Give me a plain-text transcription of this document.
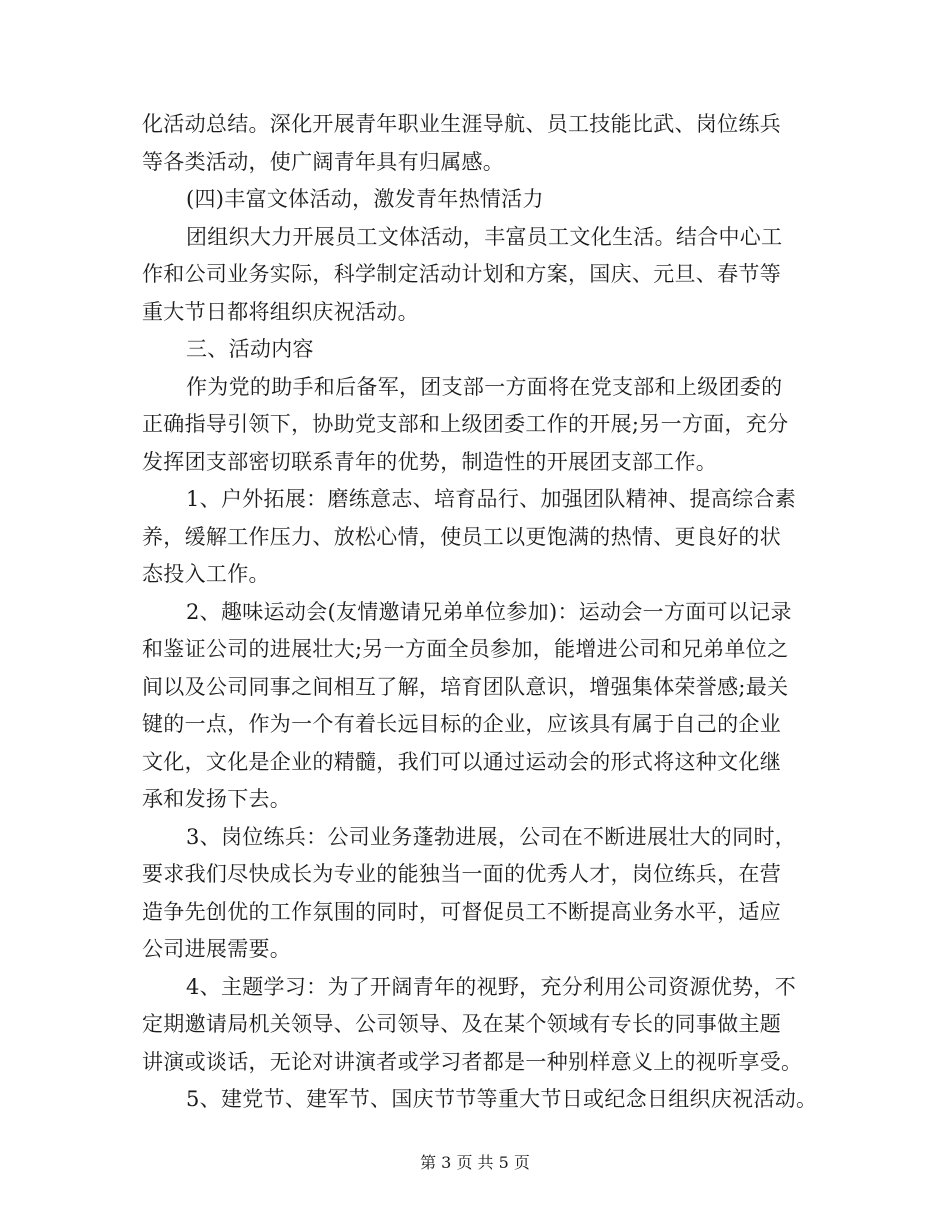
化活动总结。深化开展青年职业生涯导航、员工技能比武、岗位练兵
等各类活动，使广阔青年具有归属感。
(四)丰富文体活动，激发青年热情活力
团组织大力开展员工文体活动，丰富员工文化生活。结合中心工
作和公司业务实际，科学制定活动计划和方案，国庆、元旦、春节等
重大节日都将组织庆祝活动。
三、活动内容
作为党的助手和后备军，团支部一方面将在党支部和上级团委的
正确指导引领下，协助党支部和上级团委工作的开展;另一方面，充分
发挥团支部密切联系青年的优势，制造性的开展团支部工作。
1、户外拓展：磨练意志、培育品行、加强团队精神、提高综合素
养，缓解工作压力、放松心情，使员工以更饱满的热情、更良好的状
态投入工作。
2、趣味运动会(友情邀请兄弟单位参加)：运动会一方面可以记录
和鉴证公司的进展壮大;另一方面全员参加，能增进公司和兄弟单位之
间以及公司同事之间相互了解，培育团队意识，增强集体荣誉感;最关
键的一点，作为一个有着长远目标的企业，应该具有属于自己的企业
文化，文化是企业的精髓，我们可以通过运动会的形式将这种文化继
承和发扬下去。
3、岗位练兵：公司业务蓬勃进展，公司在不断进展壮大的同时，
要求我们尽快成长为专业的能独当一面的优秀人才，岗位练兵，在营
造争先创优的工作氛围的同时，可督促员工不断提高业务水平，适应
公司进展需要。
4、主题学习：为了开阔青年的视野，充分利用公司资源优势，不
定期邀请局机关领导、公司领导、及在某个领域有专长的同事做主题
讲演或谈话，无论对讲演者或学习者都是一种别样意义上的视听享受。
5、建党节、建军节、国庆节节等重大节日或纪念日组织庆祝活动。
第 3 页 共 5 页
